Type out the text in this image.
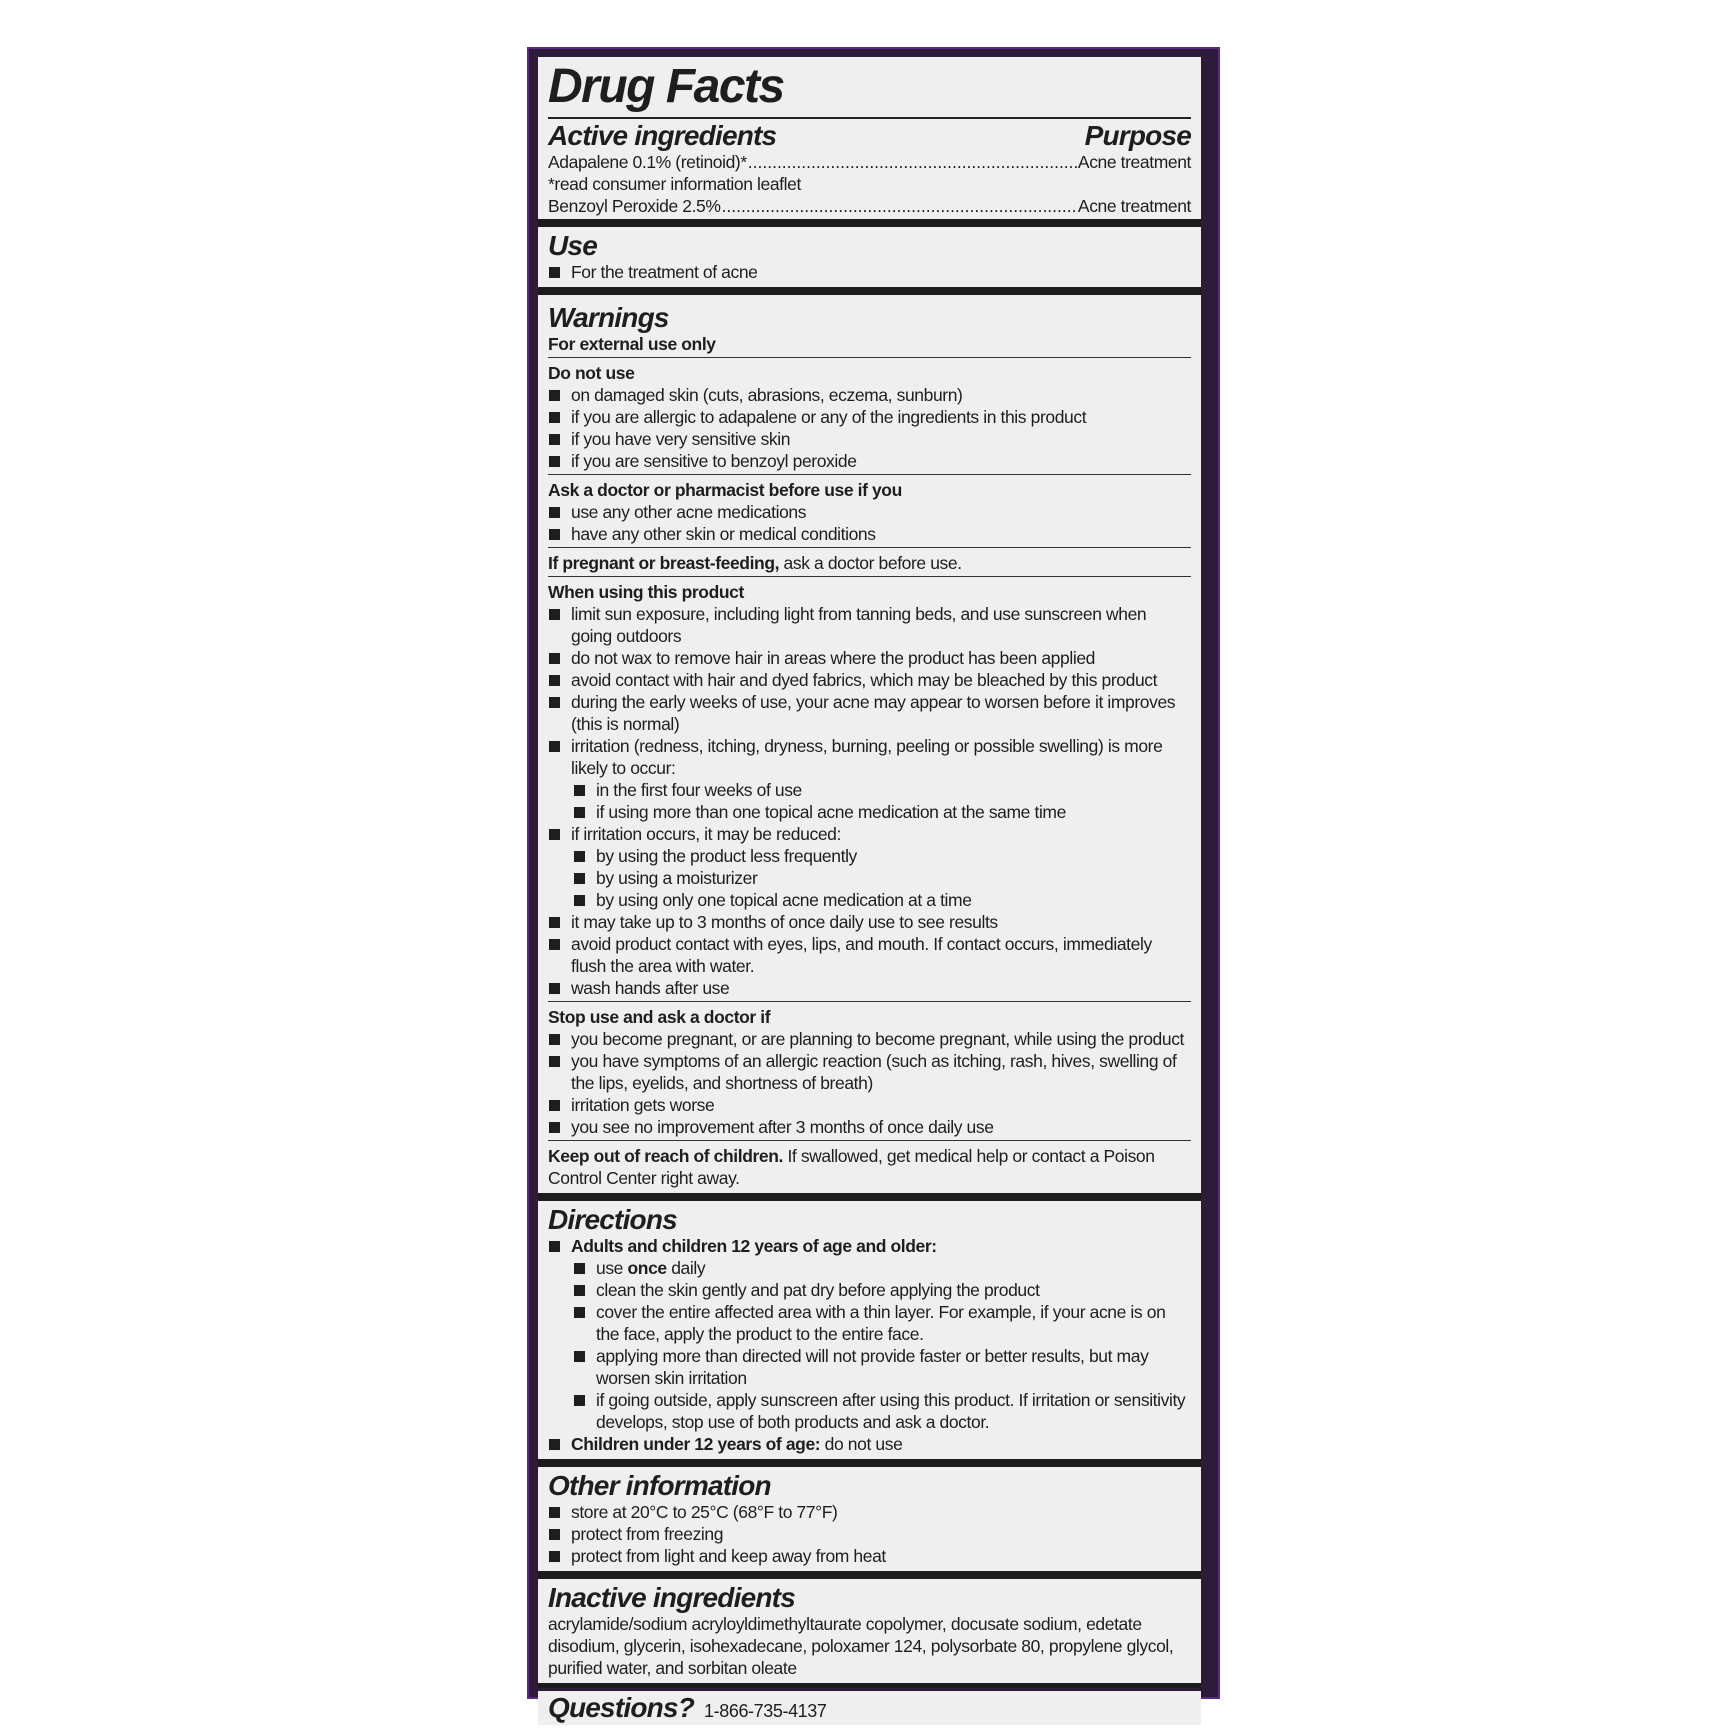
Drug Facts
Active ingredients	Purpose
Adapalene 0.1% (retinoid)* .....	Acne treatment
*read consumer information leaflet
Benzoyl Peroxide 2.5% .....	Acne treatment
Use
For the treatment of acne
Warnings
For external use only
Do not use
on damaged skin (cuts, abrasions, eczema, sunburn)
if you are allergic to adapalene or any of the ingredients in this product
if you have very sensitive skin
if you are sensitive to benzoyl peroxide
Ask a doctor or pharmacist before use if you
use any other acne medications
have any other skin or medical conditions
If pregnant or breast-feeding, ask a doctor before use.
When using this product
limit sun exposure, including light from tanning beds, and use sunscreen when going outdoors
do not wax to remove hair in areas where the product has been applied
avoid contact with hair and dyed fabrics, which may be bleached by this product
during the early weeks of use, your acne may appear to worsen before it improves (this is normal)
irritation (redness, itching, dryness, burning, peeling or possible swelling) is more likely to occur:
in the first four weeks of use
if using more than one topical acne medication at the same time
if irritation occurs, it may be reduced:
by using the product less frequently
by using a moisturizer
by using only one topical acne medication at a time
it may take up to 3 months of once daily use to see results
avoid product contact with eyes, lips, and mouth. If contact occurs, immediately flush the area with water.
wash hands after use
Stop use and ask a doctor if
you become pregnant, or are planning to become pregnant, while using the product
you have symptoms of an allergic reaction (such as itching, rash, hives, swelling of the lips, eyelids, and shortness of breath)
irritation gets worse
you see no improvement after 3 months of once daily use
Keep out of reach of children. If swallowed, get medical help or contact a Poison Control Center right away.
Directions
Adults and children 12 years of age and older:
use once daily
clean the skin gently and pat dry before applying the product
cover the entire affected area with a thin layer. For example, if your acne is on the face, apply the product to the entire face.
applying more than directed will not provide faster or better results, but may worsen skin irritation
if going outside, apply sunscreen after using this product. If irritation or sensitivity develops, stop use of both products and ask a doctor.
Children under 12 years of age: do not use
Other information
store at 20°C to 25°C (68°F to 77°F)
protect from freezing
protect from light and keep away from heat
Inactive ingredients
acrylamide/sodium acryloyldimethyltaurate copolymer, docusate sodium, edetate disodium, glycerin, isohexadecane, poloxamer 124, polysorbate 80, propylene glycol, purified water, and sorbitan oleate
Questions? 1-866-735-4137
